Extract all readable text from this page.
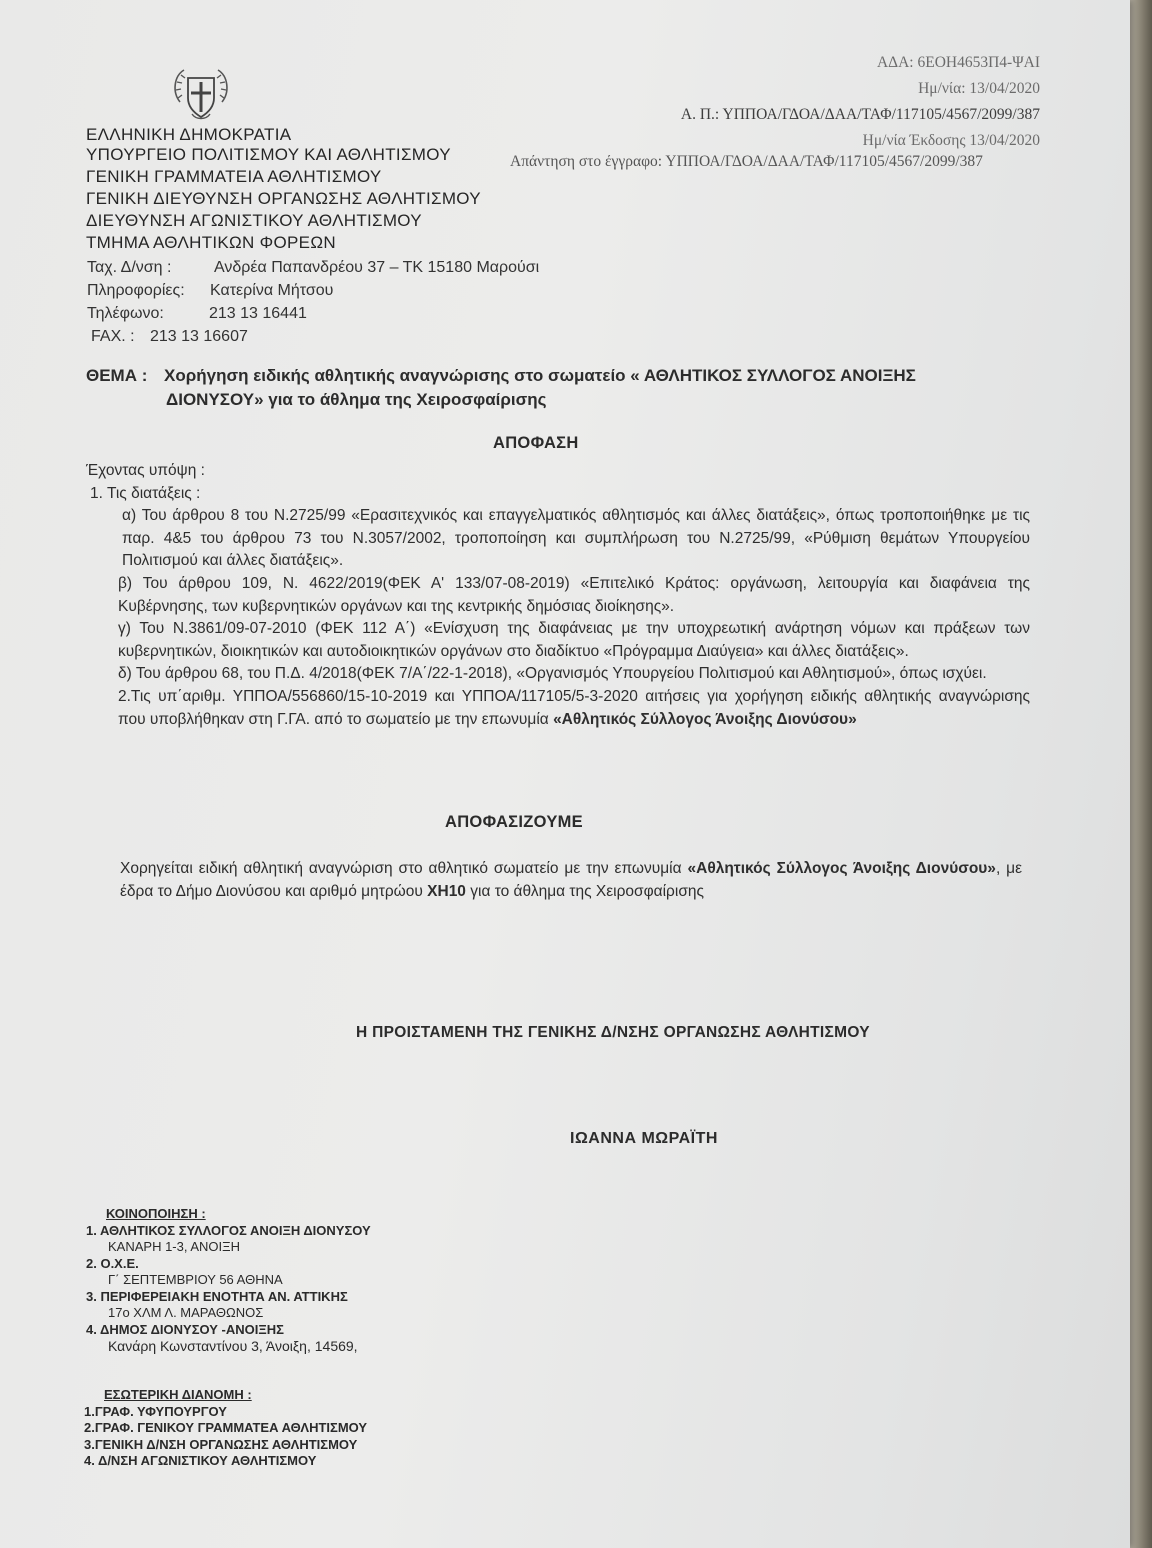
ΕΛΛΗΝΙΚΗ ΔΗΜΟΚΡΑΤΙΑ
ΥΠΟΥΡΓΕΙΟ ΠΟΛΙΤΙΣΜΟΥ ΚΑΙ ΑΘΛΗΤΙΣΜΟΥ
ΓΕΝΙΚΗ ΓΡΑΜΜΑΤΕΙΑ ΑΘΛΗΤΙΣΜΟΥ
ΓΕΝΙΚΗ ΔΙΕΥΘΥΝΣΗ ΟΡΓΑΝΩΣΗΣ ΑΘΛΗΤΙΣΜΟΥ
ΔΙΕΥΘΥΝΣΗ ΑΓΩΝΙΣΤΙΚΟΥ ΑΘΛΗΤΙΣΜΟΥ
ΤΜΗΜΑ ΑΘΛΗΤΙΚΩΝ ΦΟΡΕΩΝ
ΑΔΑ: 6ΕΟΗ4653Π4-ΨΑΙ
Ημ/νία: 13/04/2020
Α. Π.: ΥΠΠΟΑ/ΓΔΟΑ/ΔΑΑ/ΤΑΦ/117105/4567/2099/387
Ημ/νία Έκδοσης 13/04/2020
Απάντηση στο έγγραφο: ΥΠΠΟΑ/ΓΔΟΑ/ΔΑΑ/ΤΑΦ/117105/4567/2099/387
Ταχ. Δ/νση :	Ανδρέα Παπανδρέου 37 – ΤΚ 15180 Μαρούσι
Πληροφορίες: Κατερίνα Μήτσου
Τηλέφωνο:	213 13 16441
FAX. : 213 13 16607
ΘΕΜΑ : Χορήγηση ειδικής αθλητικής αναγνώρισης στο σωματείο « ΑΘΛΗΤΙΚΟΣ ΣΥΛΛΟΓΟΣ ΑΝΟΙΞΗΣ
ΔΙΟΝΥΣΟΥ» για το άθλημα της Χειροσφαίρισης
ΑΠΟΦΑΣΗ

Έχοντας υπόψη :

1. Τις διατάξεις :

α) Του άρθρου 8 του Ν.2725/99 «Ερασιτεχνικός και επαγγελματικός αθλητισμός και άλλες διατάξεις», όπως τροποποιήθηκε με τις παρ. 4&5 του άρθρου 73 του Ν.3057/2002, τροποποίηση και συμπλήρωση του Ν.2725/99, «Ρύθμιση θεμάτων Υπουργείου Πολιτισμού και άλλες διατάξεις».

β) Του άρθρου 109, Ν. 4622/2019(ΦΕΚ Α' 133/07-08-2019) «Επιτελικό Κράτος: οργάνωση, λειτουργία και διαφάνεια της Κυβέρνησης, των κυβερνητικών οργάνων και της κεντρικής δημόσιας διοίκησης».

γ) Του Ν.3861/09-07-2010 (ΦΕΚ 112 Α΄) «Ενίσχυση της διαφάνειας με την υποχρεωτική ανάρτηση νόμων και πράξεων των κυβερνητικών, διοικητικών και αυτοδιοικητικών οργάνων στο διαδίκτυο «Πρόγραμμα Διαύγεια» και άλλες διατάξεις».

δ) Του άρθρου 68, του Π.Δ. 4/2018(ΦΕΚ 7/Α΄/22-1-2018), «Οργανισμός Υπουργείου Πολιτισμού και Αθλητισμού», όπως ισχύει.

2.Τις υπ΄αριθμ. ΥΠΠΟΑ/556860/15-10-2019 και ΥΠΠΟΑ/117105/5-3-2020 αιτήσεις για χορήγηση ειδικής αθλητικής αναγνώρισης που υποβλήθηκαν στη Γ.ΓΑ. από το σωματείο με την επωνυμία «Αθλητικός Σύλλογος Άνοιξης Διονύσου»

ΑΠΟΦΑΣΙΖΟΥΜΕ
Χορηγείται ειδική αθλητική αναγνώριση στο αθλητικό σωματείο με την επωνυμία «Αθλητικός Σύλλογος Άνοιξης Διονύσου», με έδρα το Δήμο Διονύσου και αριθμό μητρώου ΧΗ10 για το άθλημα της Χειροσφαίρισης
Η ΠΡΟΙΣΤΑΜΕΝΗ ΤΗΣ ΓΕΝΙΚΗΣ Δ/ΝΣΗΣ ΟΡΓΑΝΩΣΗΣ ΑΘΛΗΤΙΣΜΟΥ
ΙΩΑΝΝΑ ΜΩΡΑΪΤΗ
ΚΟΙΝΟΠΟΙΗΣΗ :
1. ΑΘΛΗΤΙΚΟΣ ΣΥΛΛΟΓΟΣ ΑΝΟΙΞΗ ΔΙΟΝΥΣΟΥ
ΚΑΝΑΡΗ 1-3, ΑΝΟΙΞΗ
2. Ο.Χ.Ε.
Γ΄ ΣΕΠΤΕΜΒΡΙΟΥ 56 ΑΘΗΝΑ
3. ΠΕΡΙΦΕΡΕΙΑΚΗ ΕΝΟΤΗΤΑ ΑΝ. ΑΤΤΙΚΗΣ
17ο ΧΛΜ Λ. ΜΑΡΑΘΩΝΟΣ
4. ΔΗΜΟΣ ΔΙΟΝΥΣΟΥ -ΑΝΟΙΞΗΣ
Κανάρη Κωνσταντίνου 3, Άνοιξη, 14569,
ΕΣΩΤΕΡΙΚΗ ΔΙΑΝΟΜΗ :
1.ΓΡΑΦ. ΥΦΥΠΟΥΡΓΟΥ
2.ΓΡΑΦ. ΓΕΝΙΚΟΥ ΓΡΑΜΜΑΤΕΑ ΑΘΛΗΤΙΣΜΟΥ
3.ΓΕΝΙΚΗ Δ/ΝΣΗ ΟΡΓΑΝΩΣΗΣ ΑΘΛΗΤΙΣΜΟΥ
4. Δ/ΝΣΗ ΑΓΩΝΙΣΤΙΚΟΥ ΑΘΛΗΤΙΣΜΟΥ
